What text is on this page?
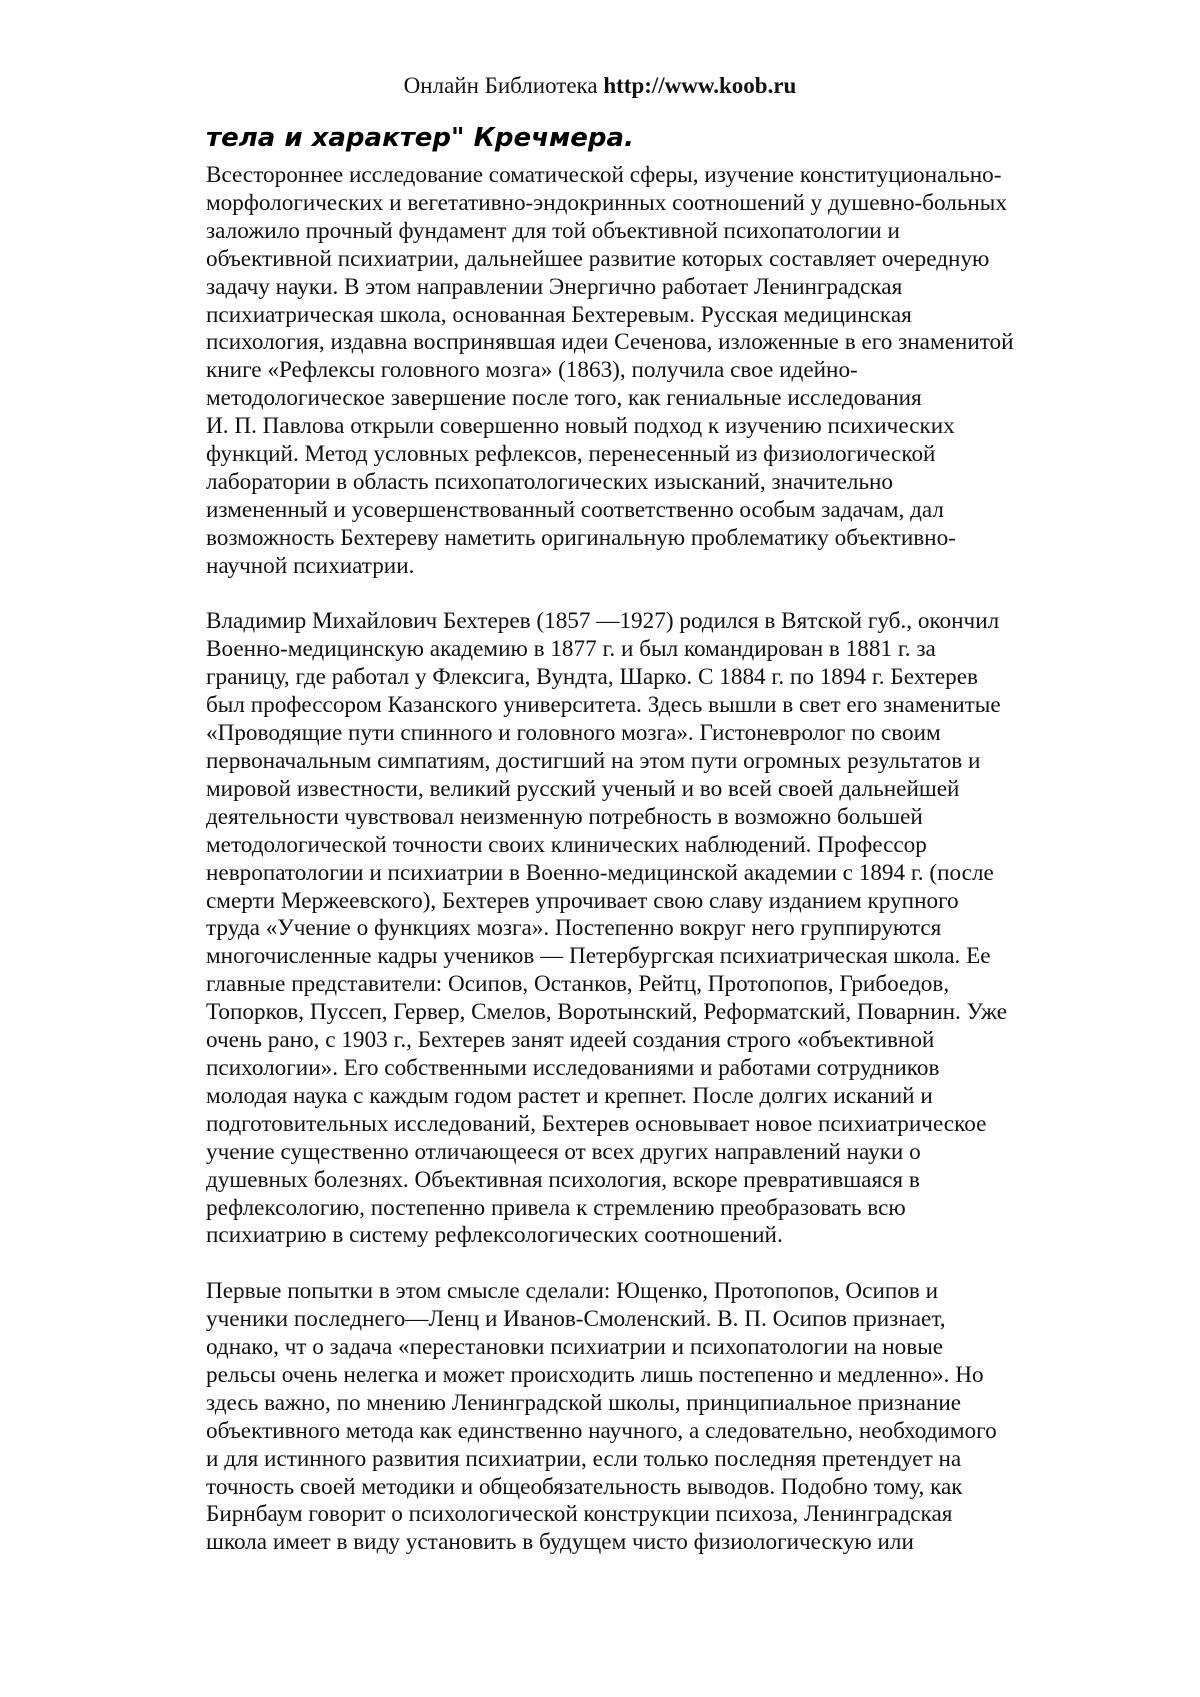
Онлайн Библиотека http://www.koob.ru
тела и характер" Кречмера.
Всестороннее исследование соматической сферы, изучение конституционально-
морфологических и вегетативно-эндокринных соотношений у душевно-больных
заложило прочный фундамент для той объективной психопатологии и
объективной психиатрии, дальнейшее развитие которых составляет очередную
задачу науки. В этом направлении Энергично работает Ленинградская
психиатрическая школа, основанная Бехтеревым. Русская медицинская
психология, издавна воспринявшая идеи Сеченова, изложенные в его знаменитой
книге «Рефлексы головного мозга» (1863), получила свое идейно-
методологическое завершение после того, как гениальные исследования
И. П. Павлова открыли совершенно новый подход к изучению психических
функций. Метод условных рефлексов, перенесенный из физиологической
лаборатории в область психопатологических изысканий, значительно
измененный и усовершенствованный соответственно особым задачам, дал
возможность Бехтереву наметить оригинальную проблематику объективно-
научной психиатрии.
Владимир Михайлович Бехтерев (1857 —1927) родился в Вятской губ., окончил
Военно-медицинскую академию в 1877 г. и был командирован в 1881 г. за
границу, где работал у Флексига, Вундта, Шарко. С 1884 г. по 1894 г. Бехтерев
был профессором Казанского университета. Здесь вышли в свет его знаменитые
«Проводящие пути спинного и головного мозга». Гистоневролог по своим
первоначальным симпатиям, достигший на этом пути огромных результатов и
мировой известности, великий русский ученый и во всей своей дальнейшей
деятельности чувствовал неизменную потребность в возможно большей
методологической точности своих клинических наблюдений. Профессор
невропатологии и психиатрии в Военно-медицинской академии с 1894 г. (после
смерти Мержеевского), Бехтерев упрочивает свою славу изданием крупного
труда «Учение о функциях мозга». Постепенно вокруг него группируются
многочисленные кадры учеников — Петербургская психиатрическая школа. Ее
главные представители: Осипов, Останков, Рейтц, Протопопов, Грибоедов,
Топорков, Пуссеп, Гервер, Смелов, Воротынский, Реформатский, Поварнин. Уже
очень рано, с 1903 г., Бехтерев занят идеей создания строго «объективной
психологии». Его собственными исследованиями и работами сотрудников
молодая наука с каждым годом растет и крепнет. После долгих исканий и
подготовительных исследований, Бехтерев основывает новое психиатрическое
учение существенно отличающееся от всех других направлений науки о
душевных болезнях. Объективная психология, вскоре превратившаяся в
рефлексологию, постепенно привела к стремлению преобразовать всю
психиатрию в систему рефлексологических соотношений.
Первые попытки в этом смысле сделали: Ющенко, Протопопов, Осипов и
ученики последнего—Ленц и Иванов-Смоленский. В. П. Осипов признает,
однако, чт о задача «перестановки психиатрии и психопатологии на новые
рельсы очень нелегка и может происходить лишь постепенно и медленно». Но
здесь важно, по мнению Ленинградской школы, принципиальное признание
объективного метода как единственно научного, а следовательно, необходимого
и для истинного развития психиатрии, если только последняя претендует на
точность своей методики и общеобязательность выводов. Подобно тому, как
Бирнбаум говорит о психологической конструкции психоза, Ленинградская
школа имеет в виду установить в будущем чисто физиологическую или
